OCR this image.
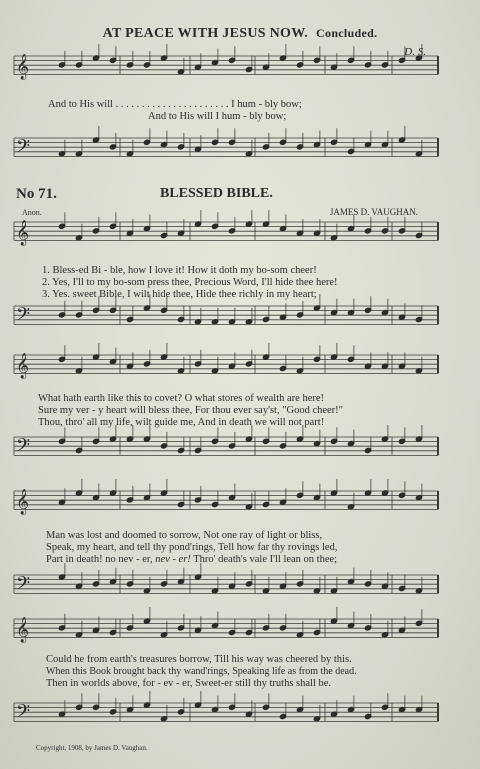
𝄞
𝄢
𝄞
𝄢
𝄞
𝄢
𝄞
𝄢
𝄞
𝄢
AT PEACE WITH JESUS NOW. Concluded.
D. S.
And to His will . . . . . . . . . . . . . . . . . . . . . . I hum - bly bow;
And to His will I hum - bly bow;
No 71.	BLESSED BIBLE.
Anon.	JAMES D. VAUGHAN.
1. Bless-ed Bi - ble, how I love it! How it doth my bo-som cheer!
2. Yes, I'll to my bo-som press thee, Precious Word, I'll hide thee here!
3. Yes. sweet Bible, I wilt hide thee, Hide thee richly in my heart;
What hath earth like this to covet? O what stores of wealth are here!
Sure my ver - y heart will bless thee, For thou ever say'st, "Good cheer!"
Thou, thro' all my life, wilt guide me, And in death we will not part!
Man was lost and doomed to sorrow, Not one ray of light or bliss,
Speak, my heart, and tell thy pond'rings, Tell how far thy rovings led,
Part in death! no nev - er, nev - er! Thro' death's vale I'll lean on thee;
Could he from earth's treasures borrow, Till his way was cheered by this.
When this Book brought back thy wand'rings, Speaking life as from the dead.
Then in worlds above, for - ev - er, Sweet-er still thy truths shall be.
Copyright, 1908, by James D. Vaughan.
